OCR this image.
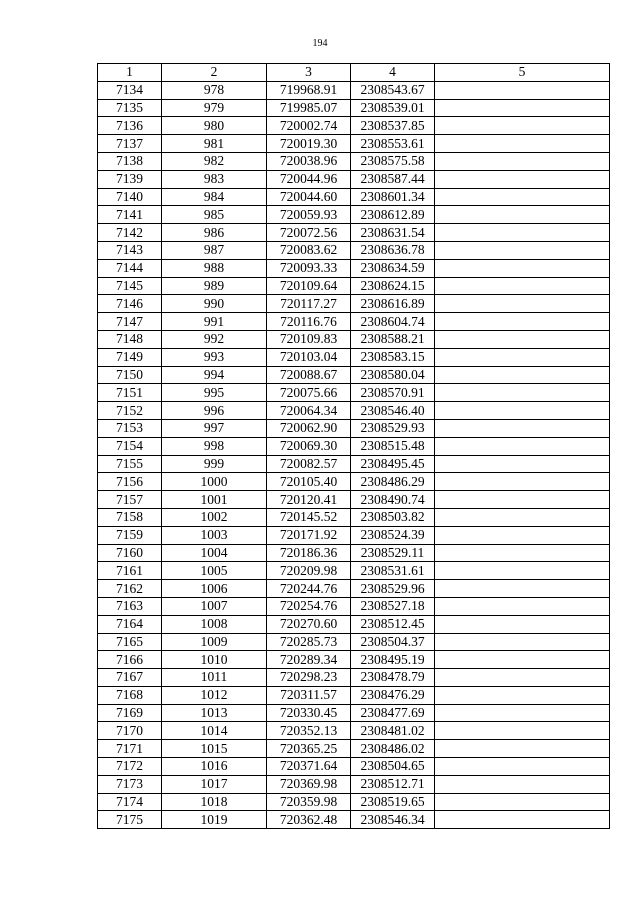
194
1	2	3	4	5
7134	978	719968.91	2308543.67	
7135	979	719985.07	2308539.01	
7136	980	720002.74	2308537.85	
7137	981	720019.30	2308553.61	
7138	982	720038.96	2308575.58	
7139	983	720044.96	2308587.44	
7140	984	720044.60	2308601.34	
7141	985	720059.93	2308612.89	
7142	986	720072.56	2308631.54	
7143	987	720083.62	2308636.78	
7144	988	720093.33	2308634.59	
7145	989	720109.64	2308624.15	
7146	990	720117.27	2308616.89	
7147	991	720116.76	2308604.74	
7148	992	720109.83	2308588.21	
7149	993	720103.04	2308583.15	
7150	994	720088.67	2308580.04	
7151	995	720075.66	2308570.91	
7152	996	720064.34	2308546.40	
7153	997	720062.90	2308529.93	
7154	998	720069.30	2308515.48	
7155	999	720082.57	2308495.45	
7156	1000	720105.40	2308486.29	
7157	1001	720120.41	2308490.74	
7158	1002	720145.52	2308503.82	
7159	1003	720171.92	2308524.39	
7160	1004	720186.36	2308529.11	
7161	1005	720209.98	2308531.61	
7162	1006	720244.76	2308529.96	
7163	1007	720254.76	2308527.18	
7164	1008	720270.60	2308512.45	
7165	1009	720285.73	2308504.37	
7166	1010	720289.34	2308495.19	
7167	1011	720298.23	2308478.79	
7168	1012	720311.57	2308476.29	
7169	1013	720330.45	2308477.69	
7170	1014	720352.13	2308481.02	
7171	1015	720365.25	2308486.02	
7172	1016	720371.64	2308504.65	
7173	1017	720369.98	2308512.71	
7174	1018	720359.98	2308519.65	
7175	1019	720362.48	2308546.34	
